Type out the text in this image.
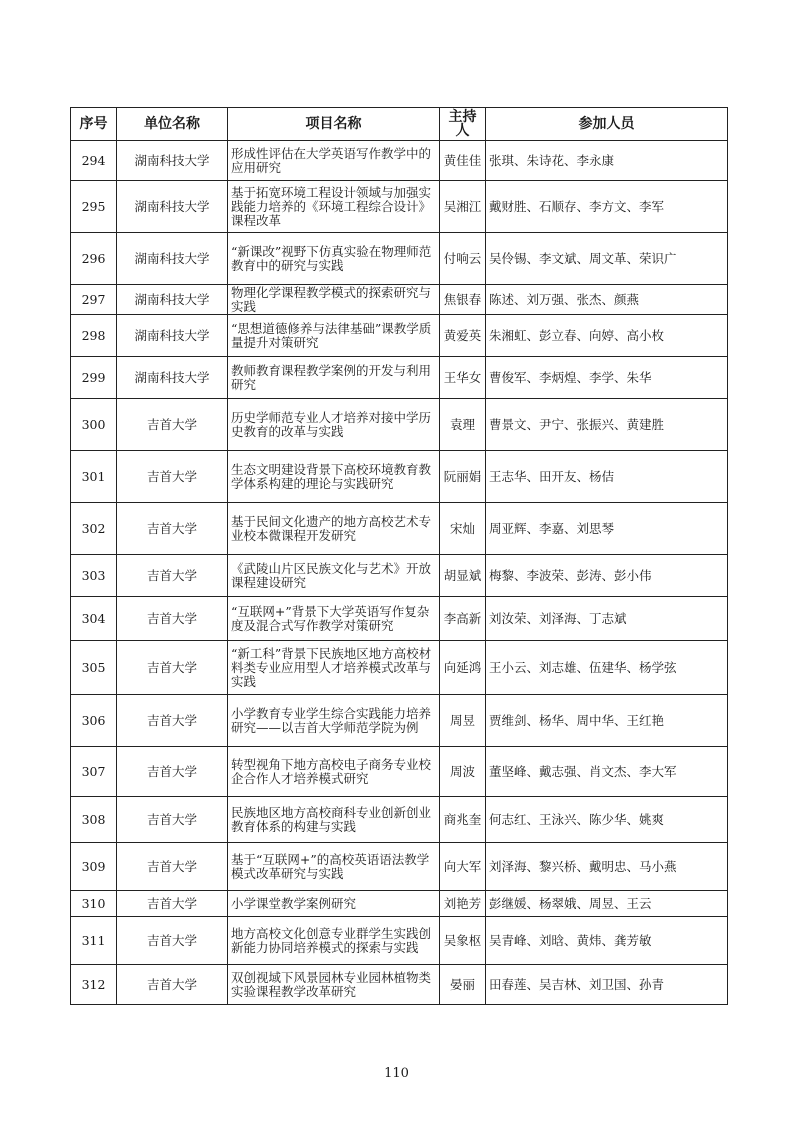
序号	单位名称	项目名称	主持人	参加人员
294	湖南科技大学	形成性评估在大学英语写作教学中的应用研究	黄佳佳	张琪、朱诗花、李永康
295	湖南科技大学	基于拓宽环境工程设计领域与加强实践能力培养的《环境工程综合设计》课程改革	吴湘江	戴财胜、石顺存、李方文、李军
296	湖南科技大学	“新课改”视野下仿真实验在物理师范教育中的研究与实践	付响云	吴伶锡、李文斌、周文革、荣识广
297	湖南科技大学	物理化学课程教学模式的探索研究与实践	焦银春	陈述、刘万强、张杰、颜燕
298	湖南科技大学	“思想道德修养与法律基础”课教学质量提升对策研究	黄爱英	朱湘虹、彭立春、向婷、高小枚
299	湖南科技大学	教师教育课程教学案例的开发与利用研究	王华女	曹俊军、李炳煌、李学、朱华
300	吉首大学	历史学师范专业人才培养对接中学历史教育的改革与实践	袁理	曹景文、尹宁、张振兴、黄建胜
301	吉首大学	生态文明建设背景下高校环境教育教学体系构建的理论与实践研究	阮丽娟	王志华、田开友、杨佶
302	吉首大学	基于民间文化遗产的地方高校艺术专业校本微课程开发研究	宋灿	周亚辉、李嘉、刘思琴
303	吉首大学	《武陵山片区民族文化与艺术》开放课程建设研究	胡显斌	梅黎、李波荣、彭涛、彭小伟
304	吉首大学	“互联网+”背景下大学英语写作复杂度及混合式写作教学对策研究	李高新	刘汝荣、刘泽海、丁志斌
305	吉首大学	“新工科”背景下民族地区地方高校材料类专业应用型人才培养模式改革与实践	向延鸿	王小云、刘志雄、伍建华、杨学弦
306	吉首大学	小学教育专业学生综合实践能力培养研究——以吉首大学师范学院为例	周昱	贾维剑、杨华、周中华、王红艳
307	吉首大学	转型视角下地方高校电子商务专业校企合作人才培养模式研究	周波	董坚峰、戴志强、肖文杰、李大军
308	吉首大学	民族地区地方高校商科专业创新创业教育体系的构建与实践	商兆奎	何志红、王泳兴、陈少华、姚爽
309	吉首大学	基于“互联网+”的高校英语语法教学模式改革研究与实践	向大军	刘泽海、黎兴桥、戴明忠、马小燕
310	吉首大学	小学课堂教学案例研究	刘艳芳	彭继媛、杨翠娥、周昱、王云
311	吉首大学	地方高校文化创意专业群学生实践创新能力协同培养模式的探索与实践	吴象枢	吴青峰、刘晗、黄炜、龚芳敏
312	吉首大学	双创视域下风景园林专业园林植物类实验课程教学改革研究	晏丽	田春莲、吴吉林、刘卫国、孙青
110
